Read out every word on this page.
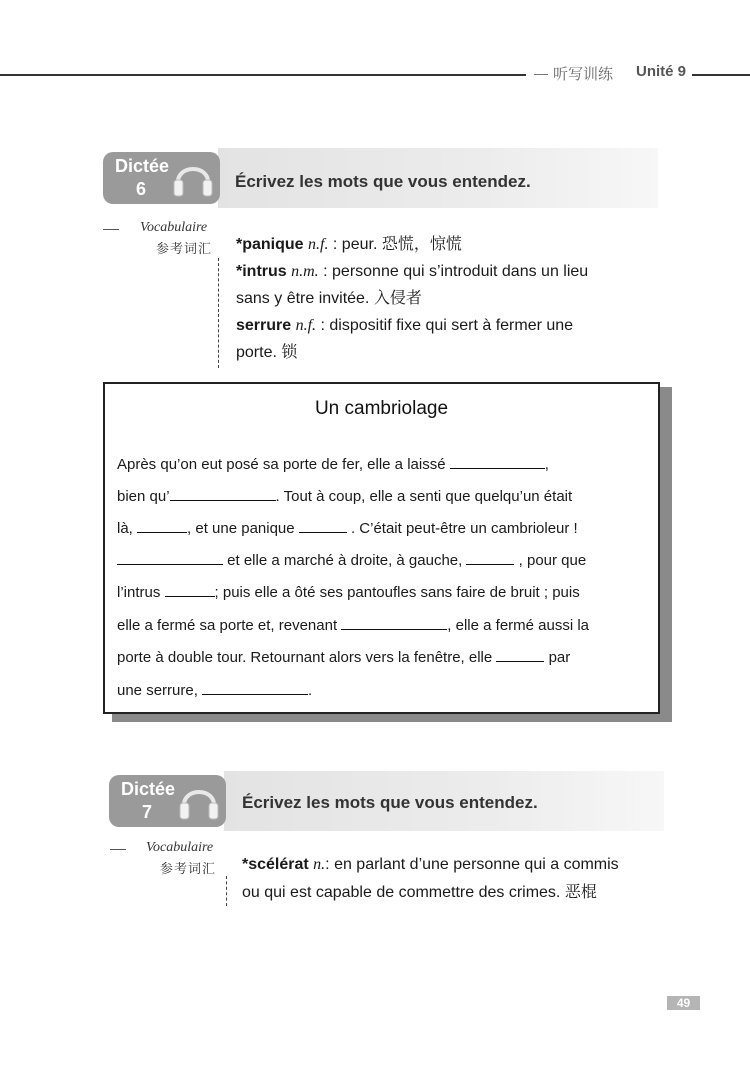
听写训练 Unité 9
Dictée
6	Écrivez les mots que vous entendez.
Vocabulaire
参考词汇 *panique n.f. : peur. 恐慌，惊慌
*intrus n.m. : personne qui s’introduit dans un lieu
sans y être invitée. 入侵者
serrure n.f. : dispositif fixe qui sert à fermer une
porte. 锁
Un cambriolage
Après qu’on eut posé sa porte de fer, elle a laissé	,
bien qu’	. Tout à coup, elle a senti que quelqu’un était
là,	, et une panique	. C’était peut-être un cambrioleur !
et elle a marché à droite, à gauche,	, pour que
l’intrus	; puis elle a ôté ses pantoufles sans faire de bruit ; puis
elle a fermé sa porte et, revenant	, elle a fermé aussi la
porte à double tour. Retournant alors vers la fenêtre, elle	par
une serrure,	.
Dictée
7	Écrivez les mots que vous entendez.
Vocabulaire
参考词汇 *scélérat n.: en parlant d’une personne qui a commis
ou qui est capable de commettre des crimes. 恶棍
49
